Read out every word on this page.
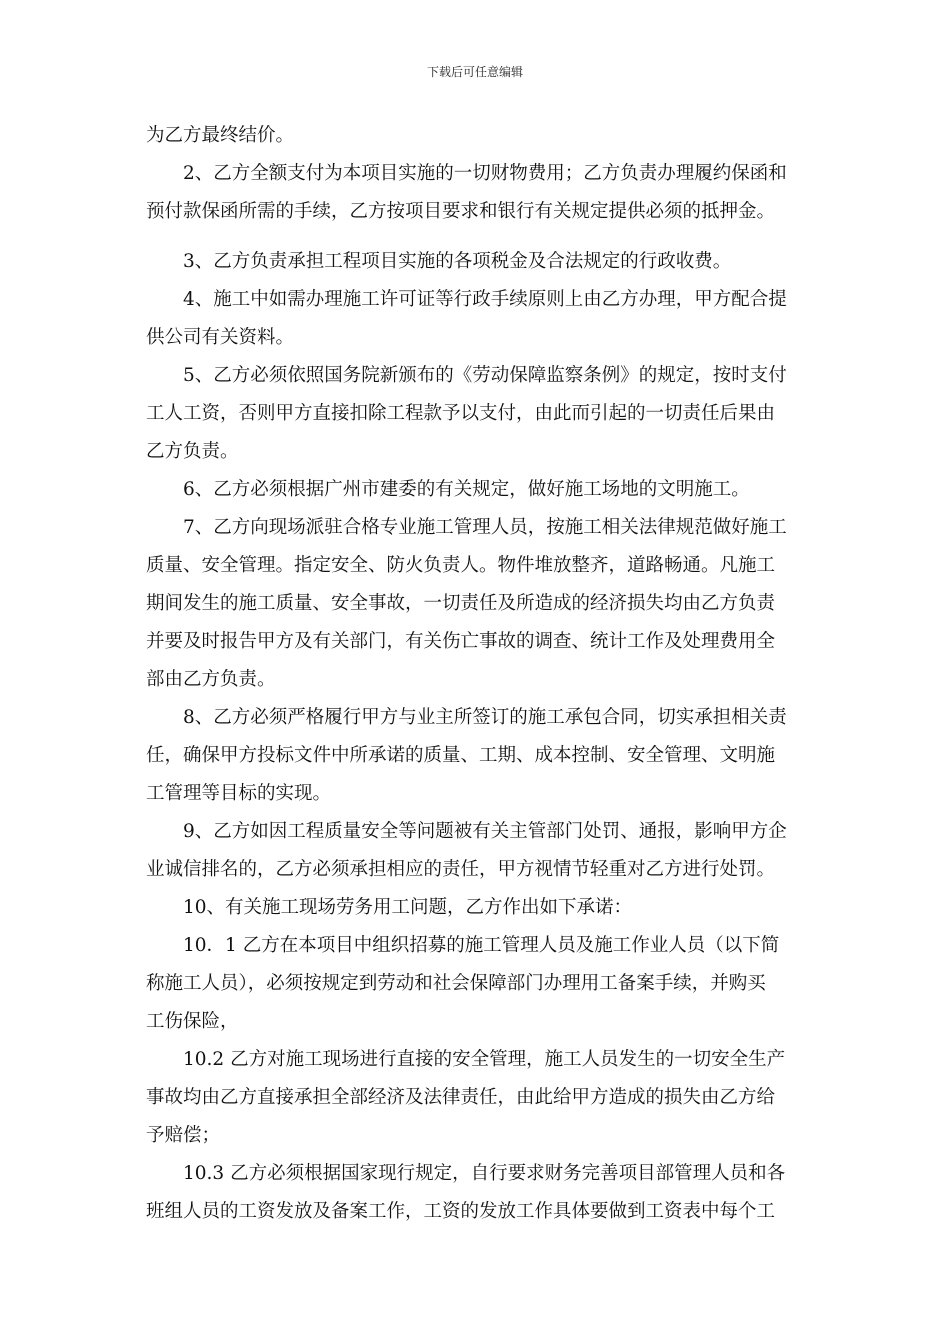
下载后可任意编辑
为乙方最终结价。
2、乙方全额支付为本项目实施的一切财物费用；乙方负责办理履约保函和
预付款保函所需的手续，乙方按项目要求和银行有关规定提供必须的抵押金。
3、乙方负责承担工程项目实施的各项税金及合法规定的行政收费。
4、施工中如需办理施工许可证等行政手续原则上由乙方办理，甲方配合提
供公司有关资料。
5、乙方必须依照国务院新颁布的《劳动保障监察条例》的规定，按时支付
工人工资，否则甲方直接扣除工程款予以支付，由此而引起的一切责任后果由
乙方负责。
6、乙方必须根据广州市建委的有关规定，做好施工场地的文明施工。
7、乙方向现场派驻合格专业施工管理人员，按施工相关法律规范做好施工
质量、安全管理。指定安全、防火负责人。物件堆放整齐，道路畅通。凡施工
期间发生的施工质量、安全事故，一切责任及所造成的经济损失均由乙方负责
并要及时报告甲方及有关部门，有关伤亡事故的调查、统计工作及处理费用全
部由乙方负责。
8、乙方必须严格履行甲方与业主所签订的施工承包合同，切实承担相关责
任，确保甲方投标文件中所承诺的质量、工期、成本控制、安全管理、文明施
工管理等目标的实现。
9、乙方如因工程质量安全等问题被有关主管部门处罚、通报，影响甲方企
业诚信排名的，乙方必须承担相应的责任，甲方视情节轻重对乙方进行处罚。
10、有关施工现场劳务用工问题，乙方作出如下承诺：
10．1 乙方在本项目中组织招募的施工管理人员及施工作业人员（以下简
称施工人员），必须按规定到劳动和社会保障部门办理用工备案手续，并购买
工伤保险，
10.2 乙方对施工现场进行直接的安全管理，施工人员发生的一切安全生产
事故均由乙方直接承担全部经济及法律责任，由此给甲方造成的损失由乙方给
予赔偿；
10.3 乙方必须根据国家现行规定，自行要求财务完善项目部管理人员和各
班组人员的工资发放及备案工作，工资的发放工作具体要做到工资表中每个工
